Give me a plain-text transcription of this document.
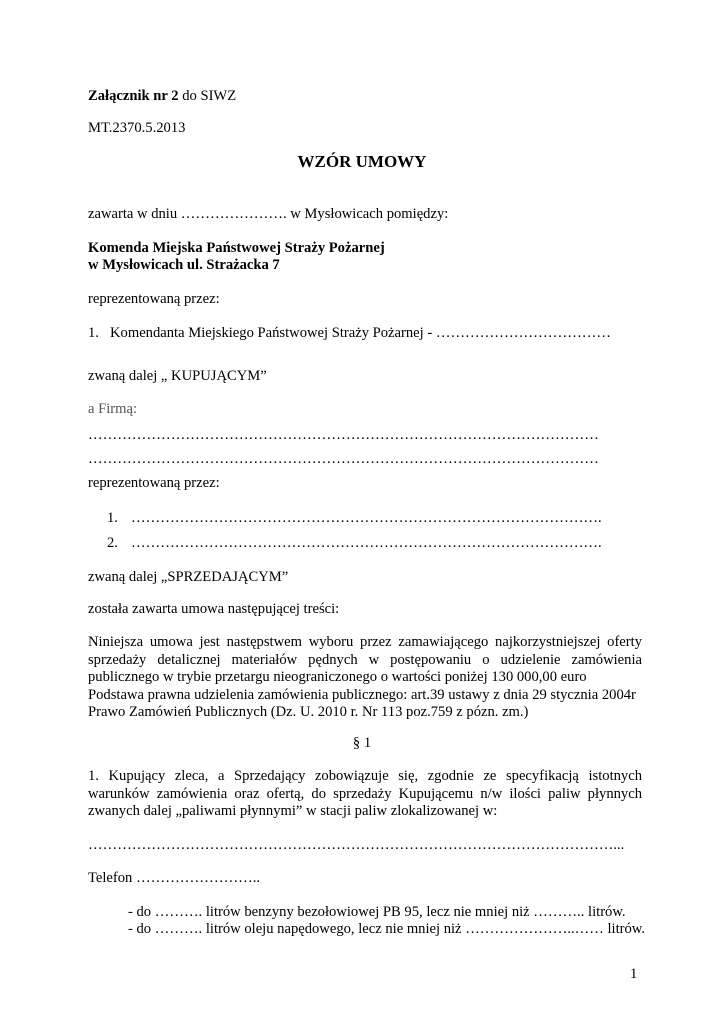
Załącznik nr 2 do SIWZ
MT.2370.5.2013
WZÓR UMOWY
zawarta w dniu …………………. w Mysłowicach pomiędzy:
Komenda Miejska Państwowej Straży Pożarnej
w Mysłowicach ul. Strażacka 7
reprezentowaną przez:
1. Komendanta Miejskiego Państwowej Straży Pożarnej - ………………………………
zwaną dalej „ KUPUJĄCYM”
a Firmą:
……………………………………………………………………………………………
……………………………………………………………………………………………
reprezentowaną przez:
1. …………………………………………………………………………………….
2. …………………………………………………………………………………….
zwaną dalej „SPRZEDAJĄCYM”
została zawarta umowa następującej treści:
Niniejsza umowa jest następstwem wyboru przez zamawiającego najkorzystniejszej oferty
sprzedaży detalicznej materiałów pędnych w postępowaniu o udzielenie zamówienia
publicznego w trybie przetargu nieograniczonego o wartości poniżej 130 000,00 euro
Podstawa prawna udzielenia zamówienia publicznego: art.39 ustawy z dnia 29 stycznia 2004r
Prawo Zamówień Publicznych (Dz. U. 2010 r. Nr 113 poz.759 z pózn. zm.)
§ 1
1. Kupujący zleca, a Sprzedający zobowiązuje się, zgodnie ze specyfikacją istotnych
warunków zamówienia oraz ofertą, do sprzedaży Kupującemu n/w ilości paliw płynnych
zwanych dalej „paliwami płynnymi” w stacji paliw zlokalizowanej w:
………………………………………………………………………………………………...
Telefon ……………………..
- do ………. litrów benzyny bezołowiowej PB 95, lecz nie mniej niż ……….. litrów.
- do ………. litrów oleju napędowego, lecz nie mniej niż …………………..…… litrów.
1
